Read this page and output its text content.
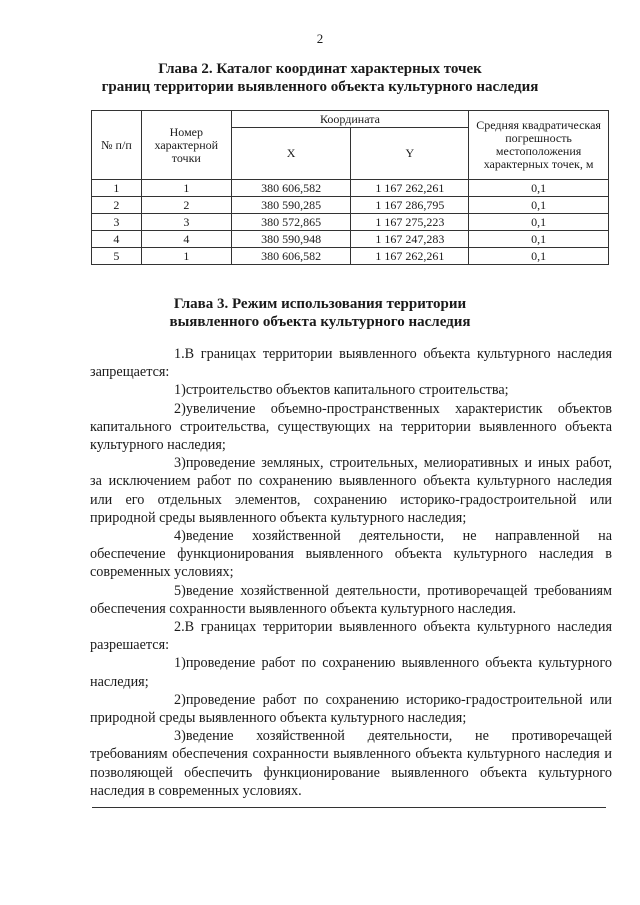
2
Глава 2. Каталог координат характерных точек
границ территории выявленного объекта культурного наследия
№ п/п	Номер характерной точки	Координата		Средняя квадратическая погрешность местоположения характерных точек, м
		X	Y	
1	1	380 606,582	1 167 262,261	0,1
2	2	380 590,285	1 167 286,795	0,1
3	3	380 572,865	1 167 275,223	0,1
4	4	380 590,948	1 167 247,283	0,1
5	1	380 606,582	1 167 262,261	0,1
Глава 3. Режим использования территории
выявленного объекта культурного наследия

1.В границах территории выявленного объекта культурного наследия запрещается:

1)строительство объектов капитального строительства;

2)увеличение объемно-пространственных характеристик объектов капитального строительства, существующих на территории выявленного объекта культурного наследия;

3)проведение земляных, строительных, мелиоративных и иных работ, за исключением работ по сохранению выявленного объекта культурного наследия или его отдельных элементов, сохранению историко-градостроительной или природной среды выявленного объекта культурного наследия;

4)ведение хозяйственной деятельности, не направленной на обеспечение функционирования выявленного объекта культурного наследия в современных условиях;

5)ведение хозяйственной деятельности, противоречащей требованиям обеспечения сохранности выявленного объекта культурного наследия.

2.В границах территории выявленного объекта культурного наследия разрешается:

1)проведение работ по сохранению выявленного объекта культурного наследия;

2)проведение работ по сохранению историко-градостроительной или природной среды выявленного объекта культурного наследия;

3)ведение хозяйственной деятельности, не противоречащей требованиям обеспечения сохранности выявленного объекта культурного наследия и позволяющей обеспечить функционирование выявленного объекта культурного наследия в современных условиях.
